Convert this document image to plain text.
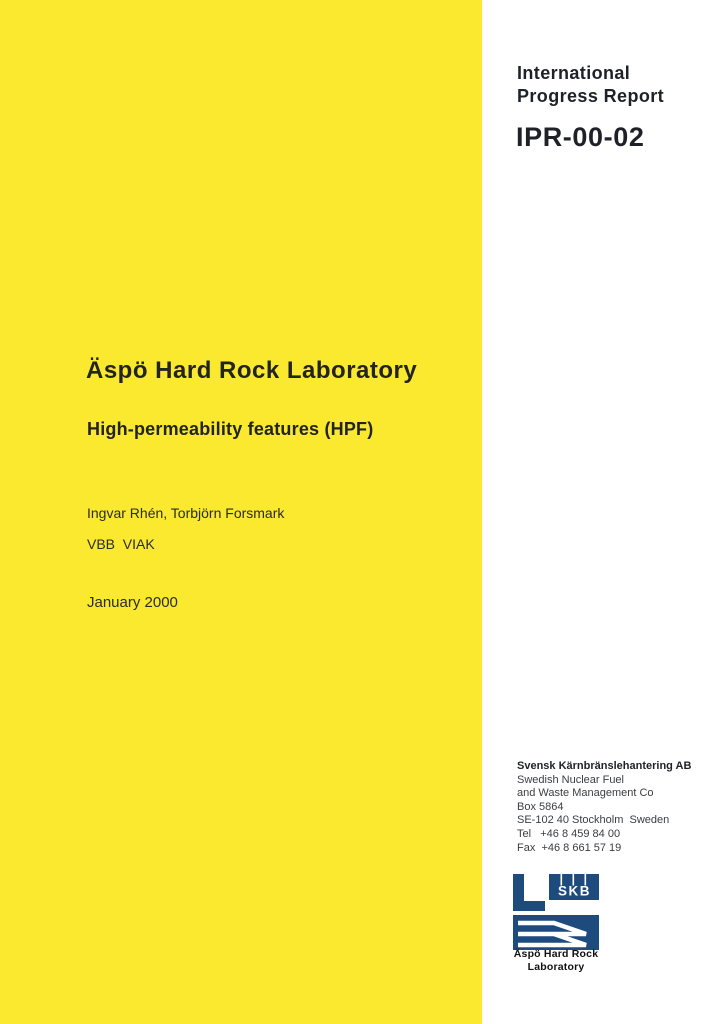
International
Progress Report
IPR-00-02
Äspö Hard Rock Laboratory
High-permeability features (HPF)
Ingvar Rhén, Torbjörn Forsmark
VBB  VIAK
January 2000
Svensk Kärnbränslehantering AB
Swedish Nuclear Fuel
and Waste Management Co
Box 5864
SE-102 40 Stockholm  Sweden
Tel   +46 8 459 84 00
Fax  +46 8 661 57 19
SKB
Äspö Hard Rock
Laboratory
